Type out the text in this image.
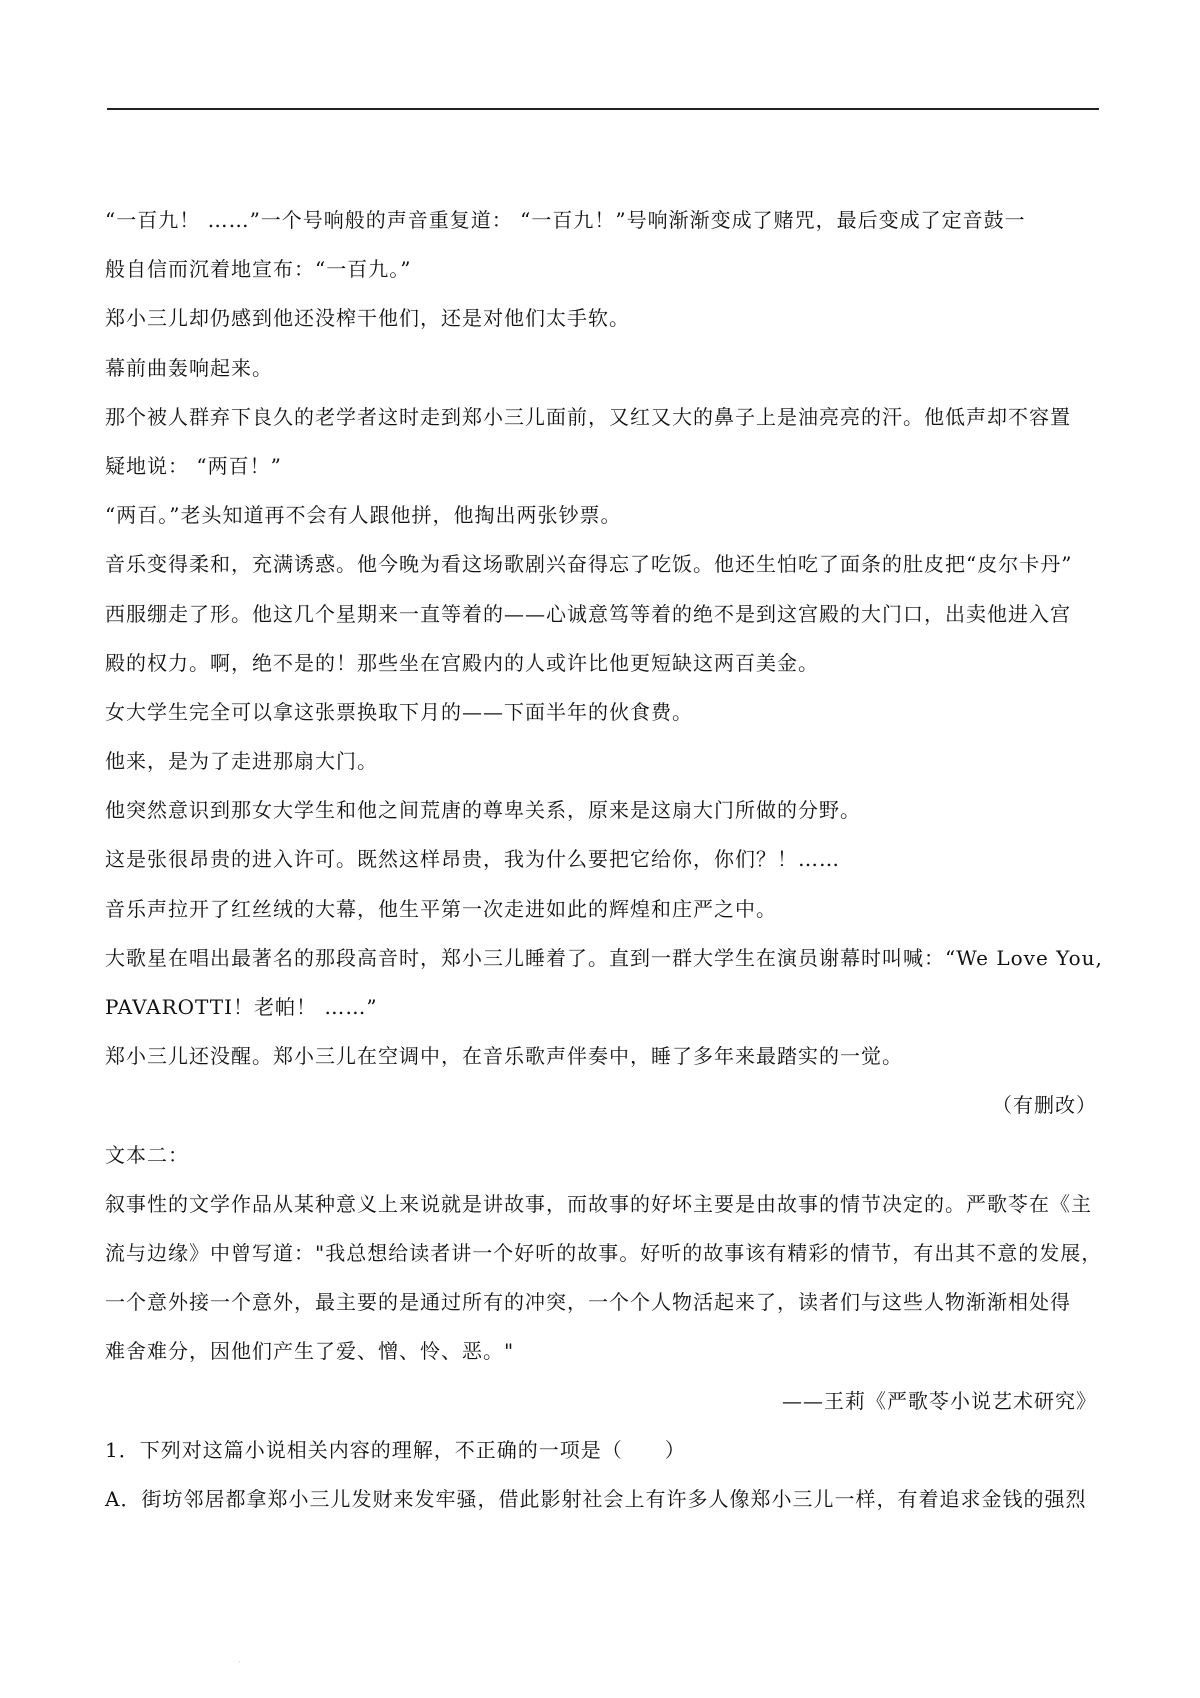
“一百九！ ……”一个号响般的声音重复道： “一百九！”号响渐渐变成了赌咒，最后变成了定音鼓一
般自信而沉着地宣布：“一百九。”
郑小三儿却仍感到他还没榨干他们，还是对他们太手软。
幕前曲轰响起来。
那个被人群弃下良久的老学者这时走到郑小三儿面前，又红又大的鼻子上是油亮亮的汗。他低声却不容置
疑地说： “两百！”
“两百。”老头知道再不会有人跟他拼，他掏出两张钞票。
音乐变得柔和，充满诱惑。他今晚为看这场歌剧兴奋得忘了吃饭。他还生怕吃了面条的肚皮把“皮尔卡丹”
西服绷走了形。他这几个星期来一直等着的——心诚意笃等着的绝不是到这宫殿的大门口，出卖他进入宫
殿的权力。啊，绝不是的！那些坐在宫殿内的人或许比他更短缺这两百美金。
女大学生完全可以拿这张票换取下月的——下面半年的伙食费。
他来，是为了走进那扇大门。
他突然意识到那女大学生和他之间荒唐的尊卑关系，原来是这扇大门所做的分野。
这是张很昂贵的进入许可。既然这样昂贵，我为什么要把它给你，你们？！……
音乐声拉开了红丝绒的大幕，他生平第一次走进如此的辉煌和庄严之中。
大歌星在唱出最著名的那段高音时，郑小三儿睡着了。直到一群大学生在演员谢幕时叫喊：“We Love You,
PAVAROTTI！老帕！ ……”
郑小三儿还没醒。郑小三儿在空调中，在音乐歌声伴奏中，睡了多年来最踏实的一觉。
（有删改）
文本二：
叙事性的文学作品从某种意义上来说就是讲故事，而故事的好坏主要是由故事的情节决定的。严歌苓在《主
流与边缘》中曾写道："我总想给读者讲一个好听的故事。好听的故事该有精彩的情节，有出其不意的发展，
一个意外接一个意外，最主要的是通过所有的冲突，一个个人物活起来了，读者们与这些人物渐渐相处得
难舍难分，因他们产生了爱、憎、怜、恶。"
——王莉《严歌苓小说艺术研究》
1．下列对这篇小说相关内容的理解，不正确的一项是（　　）
A．街坊邻居都拿郑小三儿发财来发牢骚，借此影射社会上有许多人像郑小三儿一样，有着追求金钱的强烈
·
